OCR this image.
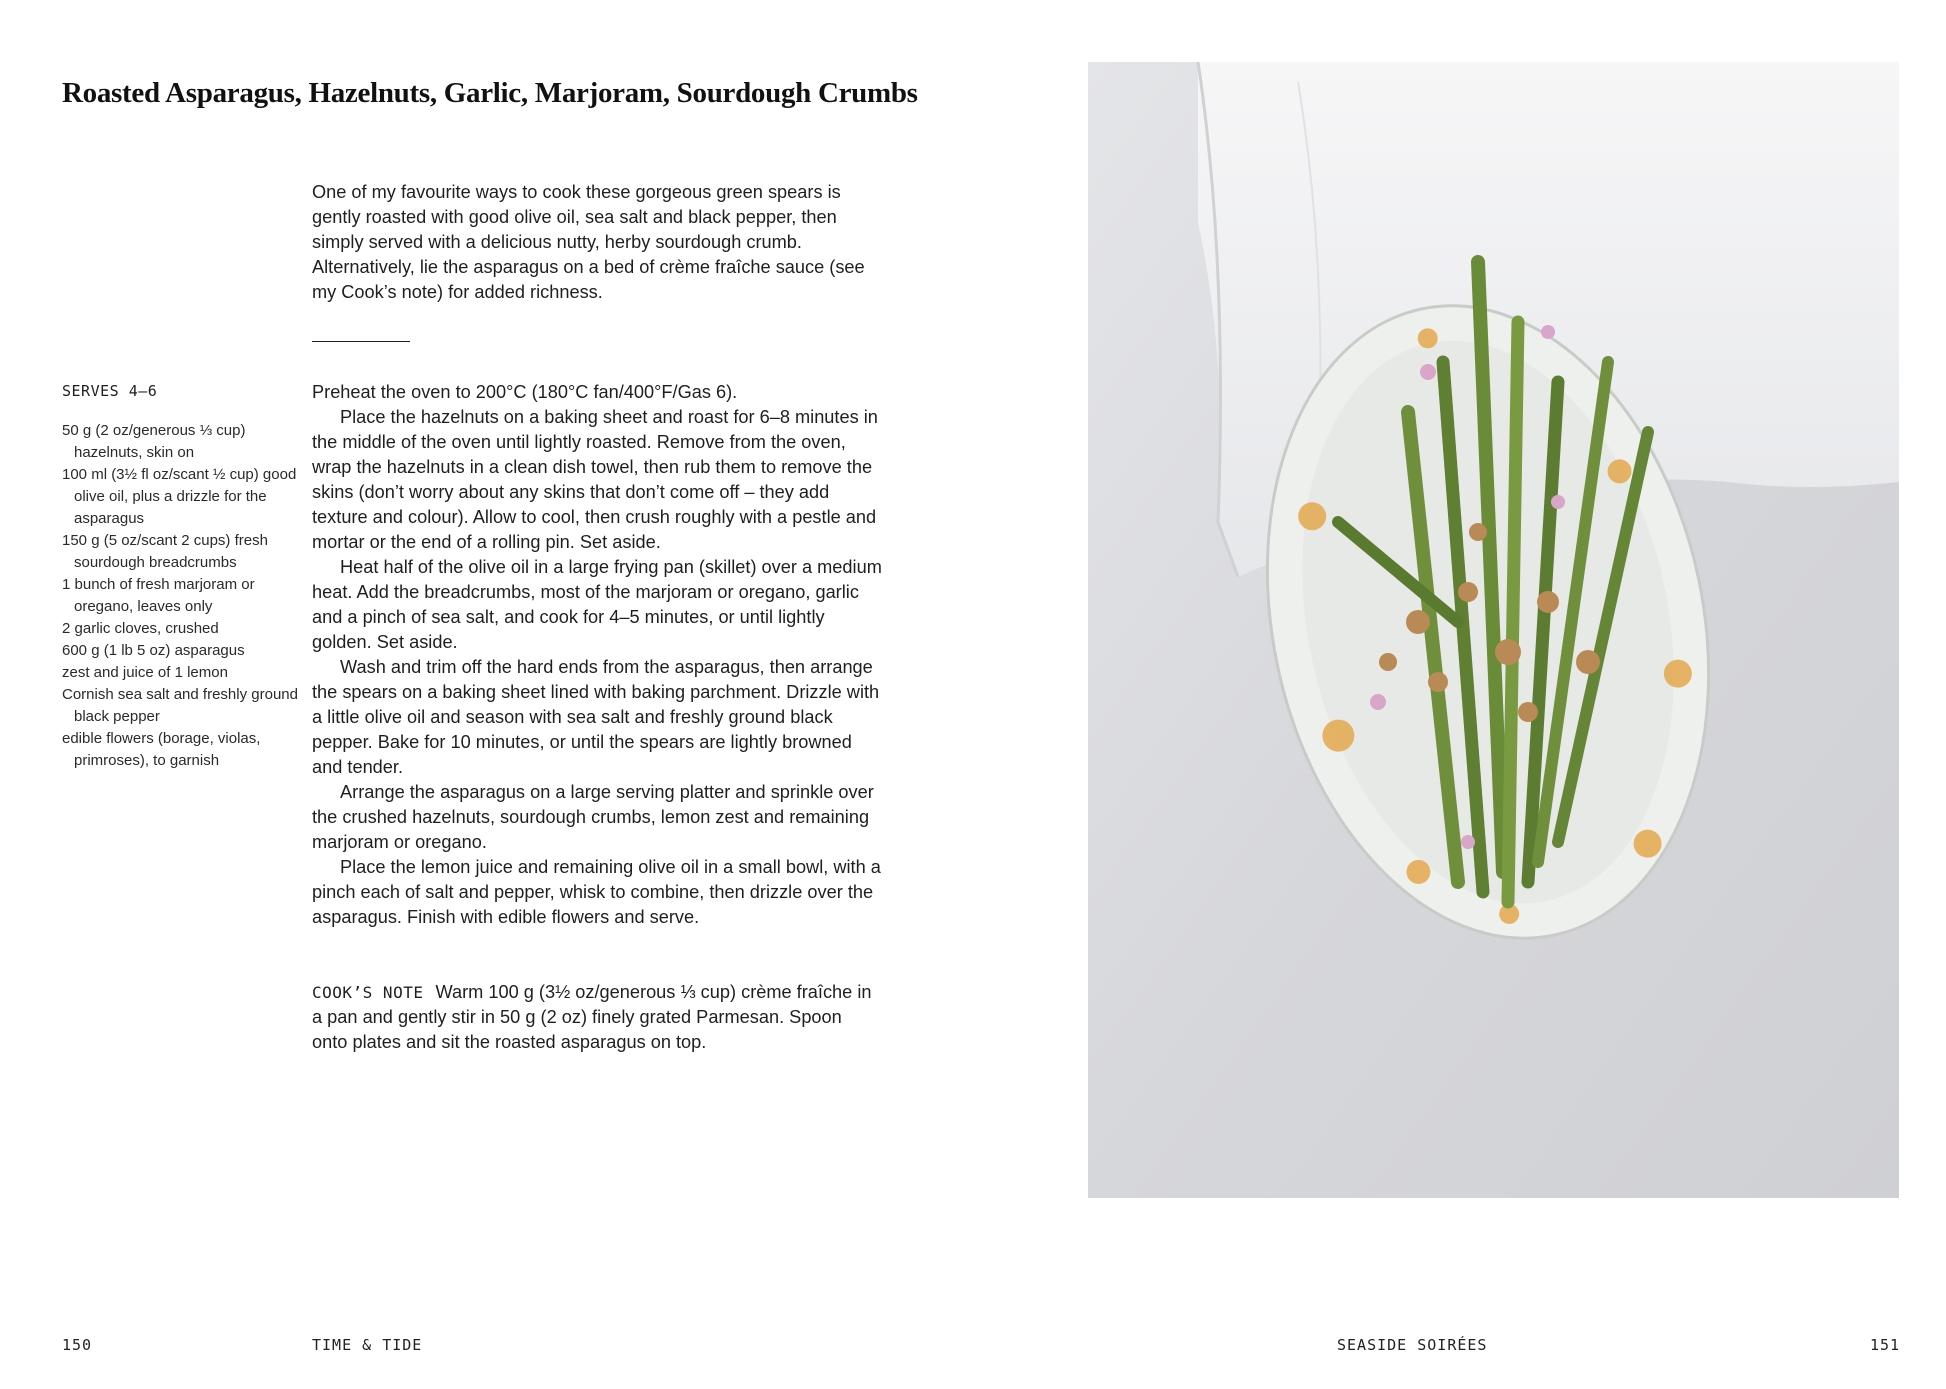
Roasted Asparagus, Hazelnuts, Garlic, Marjoram, Sourdough Crumbs

One of my favourite ways to cook these gorgeous green spears is gently roasted with good olive oil, sea salt and black pepper, then simply served with a delicious nutty, herby sourdough crumb. Alternatively, lie the asparagus on a bed of crème fraîche sauce (see my Cook’s note) for added richness.

SERVES 4–6
50 g (2 oz/generous ⅓ cup) hazelnuts, skin on
100 ml (3½ fl oz/scant ½ cup) good olive oil, plus a drizzle for the asparagus
150 g (5 oz/scant 2 cups) fresh sourdough breadcrumbs
1 bunch of fresh marjoram or oregano, leaves only
2 garlic cloves, crushed
600 g (1 lb 5 oz) asparagus
zest and juice of 1 lemon
Cornish sea salt and freshly ground black pepper
edible flowers (borage, violas, primroses), to garnish

Preheat the oven to 200°C (180°C fan/400°F/Gas 6).

Place the hazelnuts on a baking sheet and roast for 6–8 minutes in the middle of the oven until lightly roasted. Remove from the oven, wrap the hazelnuts in a clean dish towel, then rub them to remove the skins (don’t worry about any skins that don’t come off – they add texture and colour). Allow to cool, then crush roughly with a pestle and mortar or the end of a rolling pin. Set aside.

Heat half of the olive oil in a large frying pan (skillet) over a medium heat. Add the breadcrumbs, most of the marjoram or oregano, garlic and a pinch of sea salt, and cook for 4–5 minutes, or until lightly golden. Set aside.

Wash and trim off the hard ends from the asparagus, then arrange the spears on a baking sheet lined with baking parchment. Drizzle with a little olive oil and season with sea salt and freshly ground black pepper. Bake for 10 minutes, or until the spears are lightly browned and tender.

Arrange the asparagus on a large serving platter and sprinkle over the crushed hazelnuts, sourdough crumbs, lemon zest and remaining marjoram or oregano.

Place the lemon juice and remaining olive oil in a small bowl, with a pinch each of salt and pepper, whisk to combine, then drizzle over the asparagus. Finish with edible flowers and serve.

COOK’S NOTE Warm 100 g (3½ oz/generous ⅓ cup) crème fraîche in a pan and gently stir in 50 g (2 oz) finely grated Parmesan. Spoon onto plates and sit the roasted asparagus on top.
150	TIME & TIDE	SEASIDE SOIRÉES	151
